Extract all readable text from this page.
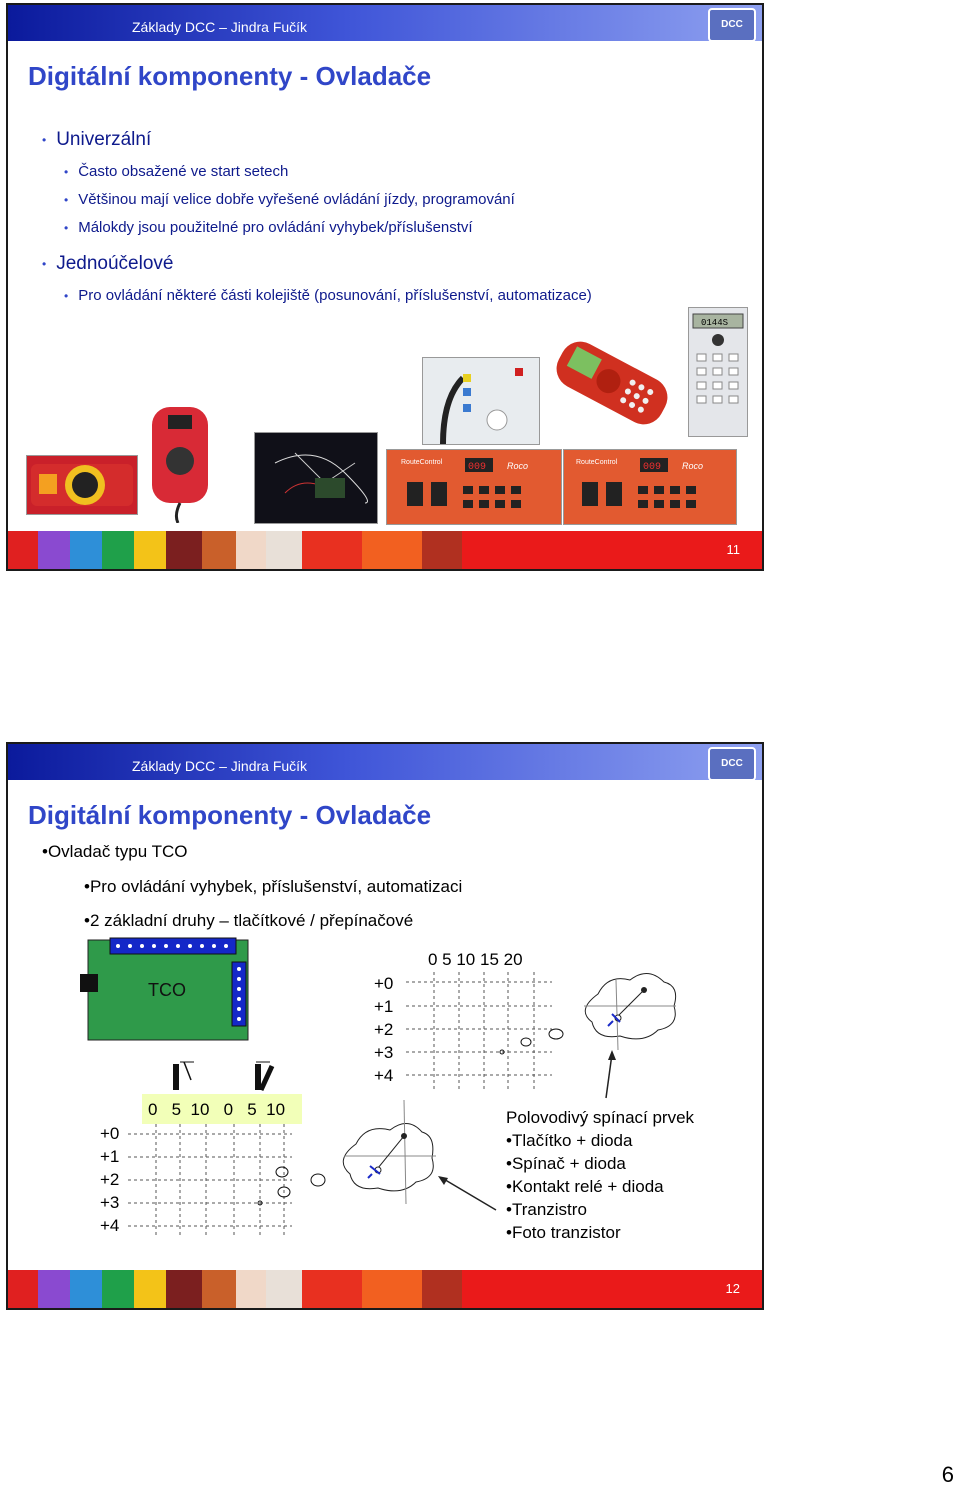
Základy DCC – Jindra Fučík	DCC
Digitální komponenty - Ovladače
• Univerzální
• Často obsažené ve start setech
• Většinou mají velice dobře vyřešené ovládání jízdy, programování
• Málokdy jsou použitelné pro ovládání vyhybek/příslušenství
• Jednoúčelové
• Pro ovládání některé části kolejiště (posunování, příslušenství, automatizace)
0144S
RouteControl	009 Roco	RouteControl	009 Roco
11
Základy DCC – Jindra Fučík	DCC
Digitální komponenty - Ovladače
•Ovladač typu TCO
•Pro ovládání vyhybek, příslušenství, automatizaci
•2 základní druhy – tlačítkové / přepínačové
TCO
0 5 10 15 20
+0
+1
+2
+3
+4
0   5  10   0   5  10
+0
+1
+2
+3
+4
Polovodivý spínací prvek
•Tlačítko + dioda
•Spínač + dioda
•Kontakt relé + dioda
•Tranzistro
•Foto tranzistor
12
6
